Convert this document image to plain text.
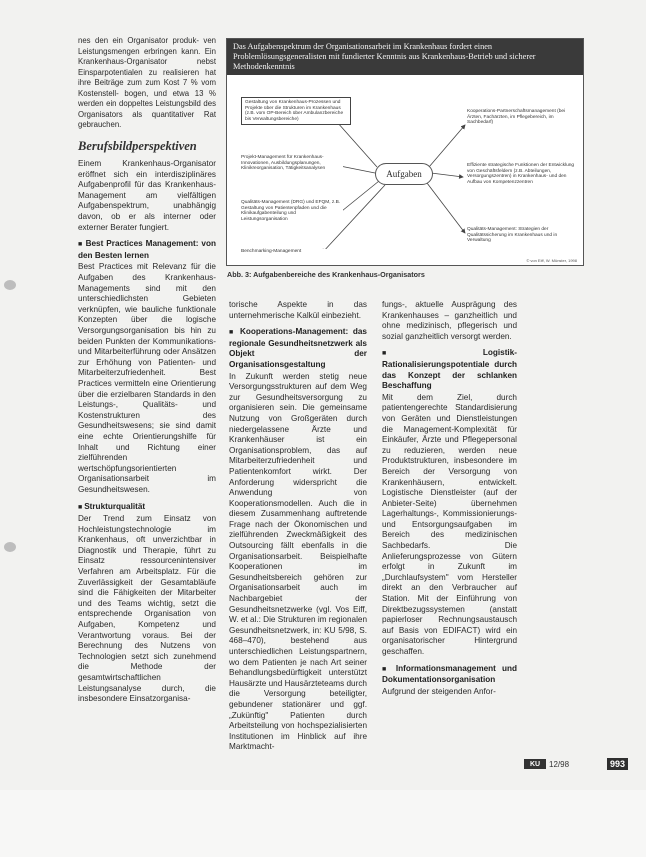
nes den ein Organisator produk- ven Leistungsmengen erbringen kann. Ein Krankenhaus-Organisator	nebst Einsparpotentialen zu realisieren hat ihre Beiträge zum zum Kost 7 % vom Kostenstell- bogen, und etwa 13 % werden ein doppeltes Leistungsbild des Organisators als quantitativer Rat gebrauchen.

Berufsbildperspektiven

Einem Krankenhaus-Organisator eröffnet sich ein interdisziplinäres Aufgabenprofil für das Krankenhaus-Management am vielfältigen Aufgabenspektrum, unabhängig davon, ob er als interner oder externer Berater fungiert.

■ Best Practices Management: von den Besten lernen

Best Practices mit Relevanz für die Aufgaben des Krankenhaus-Managements sind mit den unterschiedlichsten Gebieten verknüpfen, wie bauliche funktionale Konzepten über die logische Versorgungsorganisation bis hin zu beiden Punkten der Kommunikations- und Mitarbeiterführung oder Ansätzen zur Erhöhung von Patienten- und Mitarbeiterzufriedenheit. Best Practices vermitteln eine Orientierung über die erzielbaren Standards in den Leistungs-, Qualitäts- und Kostenstrukturen des Gesundheitswesens; sie sind damit eine echte Orientierungshilfe für Inhalt und Richtung einer zielführenden wertschöpfungsorientierten Organisationsarbeit im Gesundheitswesen.

■ Strukturqualität

Der Trend zum Einsatz von Hochleistungstechnologie im Krankenhaus, oft unverzichtbar in Diagnostik und Therapie, führt zu Einsatz ressourcenintensiver Verfahren am Arbeitsplatz. Für die Zuverlässigkeit der Gesamtabläufe sind die Fähigkeiten der Mitarbeiter und des Teams wichtig, setzt die entsprechende Organisation von Aufgaben, Kompetenz und Verantwortung voraus. Bei der Berechnung des Nutzens von Technologien setzt sich zunehmend die Methode der gesamtwirtschaftlichen Leistungsanalyse durch, die insbesondere Einsatzorganisa-

Das Aufgabenspektrum der Organisationsarbeit im Krankenhaus fordert einen Problemlösungsgeneralisten mit fundierter Kenntnis aus Krankenhaus-Betrieb und sicherer Methodenkenntnis
Gestaltung von Krankenhaus-Prozessen und Projekte über die Strukturen im Krankenhaus (z.B. vom OP-Bereich über Ambulanzbereiche bis Verwaltungsbereiche)
Projekt-Management für Krankenhaus-Innovationen, Ausbildungsplanungen, Klinikreorganisation, Tätigkeitsanalysen
Qualitäts-Management (DRG) und EFQM, z.B. Gestaltung von Patientenpfaden und die Klinikaufgabenteilung und Leistungsorganisation
Benchmarking-Management
Aufgaben
Kooperations-Partnerschaftsmanagement (bei Ärzten, Fachärzten, im Pflegebereich, im Sachbedarf)
Effiziente strategische Funktionen der Entwicklung von Geschäftsfeldern (z.B. Abteilungen, Versorgungszentren) in Krankenhaus- und den Aufbau von Kompetenzzentren
Qualitäts-Management: Strategien der Qualitätssicherung im Krankenhaus und in Verwaltung
© von Eiff, W. Münster, 1998
Abb. 3: Aufgabenbereiche des Krankenhaus-Organisators

torische Aspekte in das unternehmerische Kalkül einbezieht.

■ Kooperations-Management: das regionale Gesundheitsnetzwerk als Objekt der Organisationsgestaltung

In Zukunft werden stetig neue Versorgungsstrukturen auf dem Weg zur Gesundheitsversorgung zu organisieren sein. Die gemeinsame Nutzung von Großgeräten durch niedergelassene Ärzte und Krankenhäuser ist ein Organisationsproblem, das auf Mitarbeiterzufriedenheit und Patientenkomfort wirkt. Der Anforderung widerspricht die Anwendung von Kooperationsmodellen. Auch die in diesem Zusammenhang auftretende Frage nach der Ökonomischen und zielführenden Zweckmäßigkeit des Outsourcing fällt ebenfalls in die Organisationsarbeit. Beispielhafte Kooperationen im Gesundheitsbereich gehören zur Organisationsarbeit auch im Nachbargebiet der Gesundheitsnetzwerke (vgl. Vos Eiff, W. et al.: Die Strukturen im regionalen Gesundheitsnetzwerk, in: KU 5/98, S. 468–470), bestehend aus unterschiedlichen Leistungspartnern, wo dem Patienten je nach Art seiner Behandlungsbedürftigkeit unterstützt Hausärzte und Hausärzteteams durch die Versorgung beteiligter, gebundener stationärer und ggf. „Zukünftig" Patienten durch Arbeitsteilung von hochspezialisierten Institutionen im Hinblick auf ihre Marktmacht-

fungs-, aktuelle Ausprägung des Krankenhauses – ganzheitlich und ohne medizinisch, pflegerisch und sozial ganzheitlich versorgt werden.

■ Logistik-Rationalisierungspotentiale durch das Konzept der schlanken Beschaffung

Mit dem Ziel, durch patientengerechte Standardisierung von Geräten und Dienstleistungen die Management-Komplexität für Einkäufer, Ärzte und Pflegepersonal zu reduzieren, werden neue Produktstrukturen, insbesondere im Bereich der Versorgung von Krankenhäusern, entwickelt. Logistische Dienstleister (auf der Anbieter-Seite) übernehmen Lagerhaltungs-, Kommissionierungs- und Entsorgungsaufgaben im Bereich des medizinischen Sachbedarfs. Die Anlieferungsprozesse von Gütern erfolgt in Zukunft im „Durchlaufsystem" vom Hersteller direkt an den Verbraucher auf Station. Mit der Einführung von Direktbezugssystemen (anstatt papierloser Rechnungsaustausch auf Basis von EDIFACT) wird ein organisatorischer Hintergrund geschaffen.

■ Informationsmanagement und Dokumentationsorganisation

Aufgrund der steigenden Anfor-

KU	12/98	993
